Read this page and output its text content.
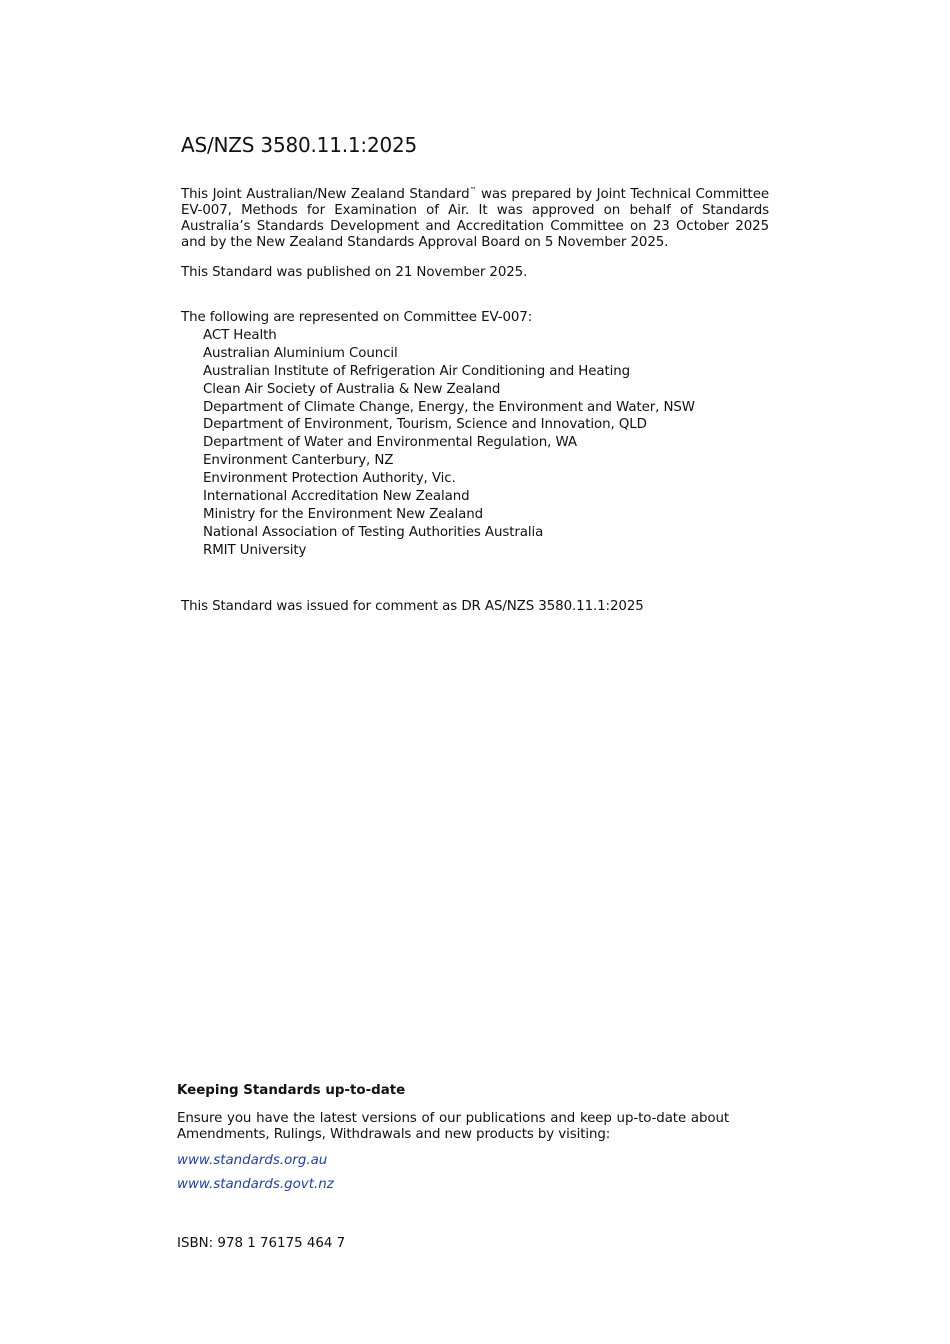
AS/NZS 3580.11.1:2025

This Joint Australian/New Zealand Standard™ was prepared by Joint Technical Committee EV-007, Methods for Examination of Air. It was approved on behalf of Standards Australia’s Standards Development and Accreditation Committee on 23 October 2025 and by the New Zealand Standards Approval Board on 5 November 2025.

This Standard was published on 21 November 2025.
The following are represented on Committee EV-007:
ACT Health
Australian Aluminium Council
Australian Institute of Refrigeration Air Conditioning and Heating
Clean Air Society of Australia & New Zealand
Department of Climate Change, Energy, the Environment and Water, NSW
Department of Environment, Tourism, Science and Innovation, QLD
Department of Water and Environmental Regulation, WA
Environment Canterbury, NZ
Environment Protection Authority, Vic.
International Accreditation New Zealand
Ministry for the Environment New Zealand
National Association of Testing Authorities Australia
RMIT University
This Standard was issued for comment as DR AS/NZS 3580.11.1:2025
Keeping Standards up-to-date

Ensure you have the latest versions of our publications and keep up-to-date about Amendments, Rulings, Withdrawals and new products by visiting:

www.standards.org.au
www.standards.govt.nz
ISBN: 978 1 76175 464 7
